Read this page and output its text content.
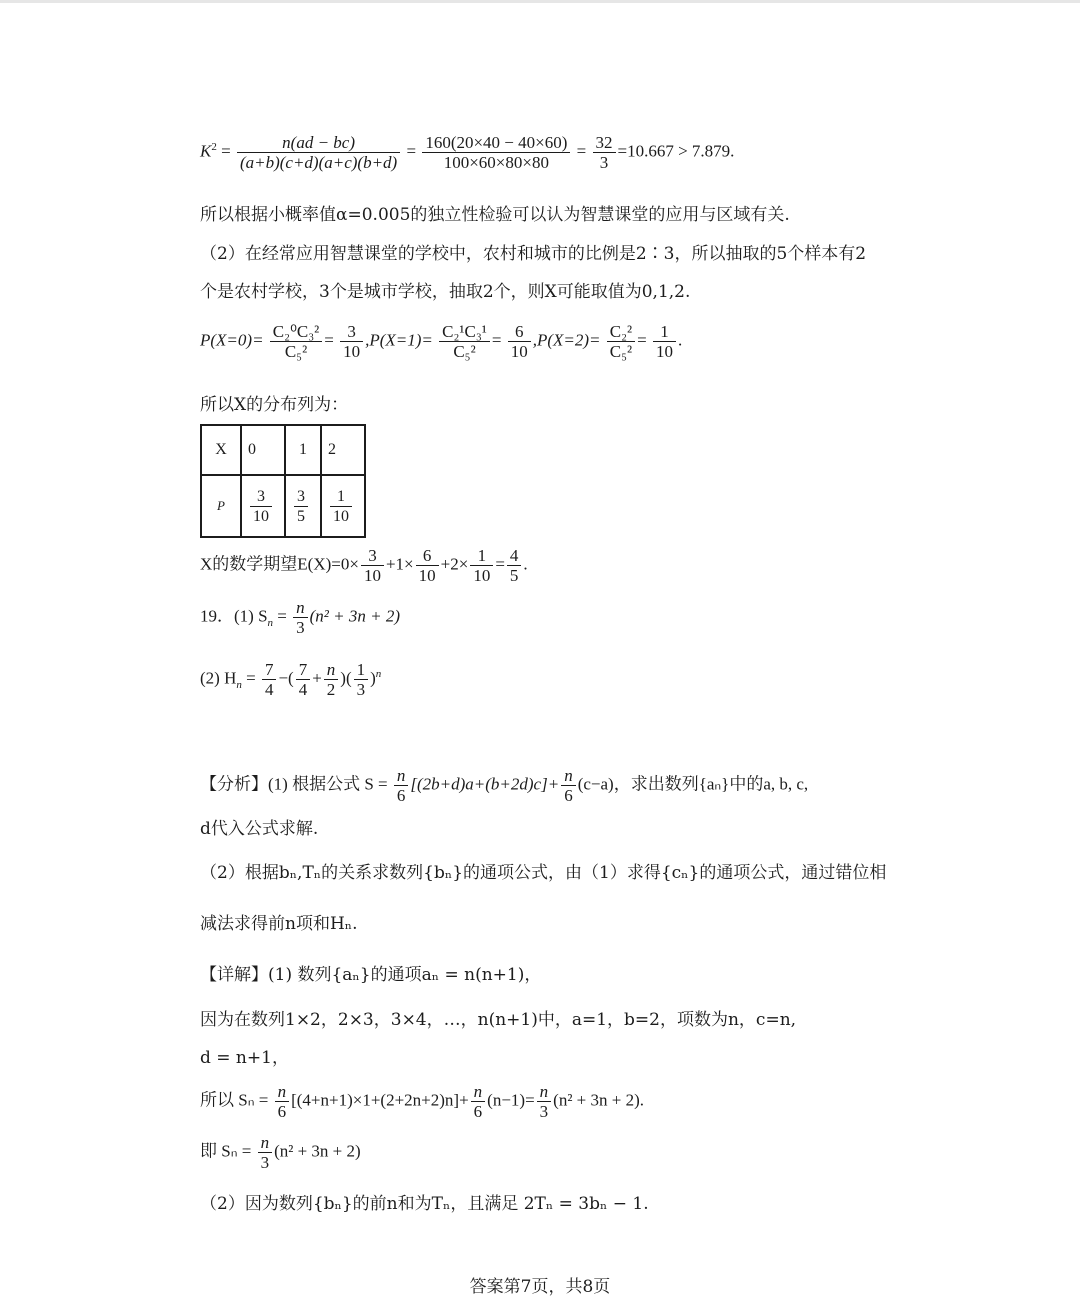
$K^2 = \frac{n(ad - bc)}{(a+b)(c+d)(a+c)(b+d)} = \frac{160(20\times 40 - 40\times 60)}{100\times 60\times 80\times 80} = \frac{32}{3} =10.667 > 7.879$.
所以根据小概率值α=0.005的独立性检验可以认为智慧课堂的应用与区域有关.
（2）在经常应用智慧课堂的学校中，农村和城市的比例是2∶3，所以抽取的5个样本有2
个是农村学校，3个是城市学校，抽取2个，则X可能取值为0,1,2.
$P(X=0)= \frac{\text{C₂⁰C₃²}}{\text{C₅²}} = \frac{3}{10} ,P(X=1)= \frac{\text{C₂¹C₃¹}}{\text{C₅²}} = \frac{6}{10} ,P(X=2)= \frac{\text{C₂²}}{\text{C₅²}} = \frac{1}{10}$ .
所以X的分布列为：
X	0	1	2
P	$\frac{3}{10}$	$\frac{3}{5}$	$\frac{1}{10}$
X的数学期望$E(X)=0\times \frac{3}{10} +1\times \frac{6}{10} +2\times \frac{1}{10} = \frac{4}{5}$ .
19．(1) $S_n = \frac{n}{3} (n^2 + 3n + 2)$
(2) $H_n = \frac{7}{4}$ −( $\frac{7}{4} + \frac{n}{2}$ )( $\frac{1}{3} )^n$
【分析】(1) 根据公式 $S = \frac{n}{6} [(2b+d)a+(b+2d)c]+ \frac{n}{6} (c-a)$，求出数列{aₙ}中的a, b, c,
d代入公式求解.
（2）根据bₙ,Tₙ的关系求数列{bₙ}的通项公式，由（1）求得{cₙ}的通项公式，通过错位相
减法求得前n项和Hₙ.
【详解】(1) 数列{aₙ}的通项aₙ = n(n+1)，
因为在数列1×2，2×3，3×4，…，n(n+1)中，a=1，b=2，项数为n，c=n,
d = n+1，
所以 $S_n = \frac{n}{6} [(4+n+1)\times 1+(2+2n+2)n]+ \frac{n}{6} (n-1)= \frac{n}{3} (n^2 + 3n + 2)$.
即 $S_n = \frac{n}{3} (n^2 + 3n + 2)$
（2）因为数列{bₙ}的前n和为Tₙ，且满足 2Tₙ = 3bₙ − 1.
答案第7页，共8页
